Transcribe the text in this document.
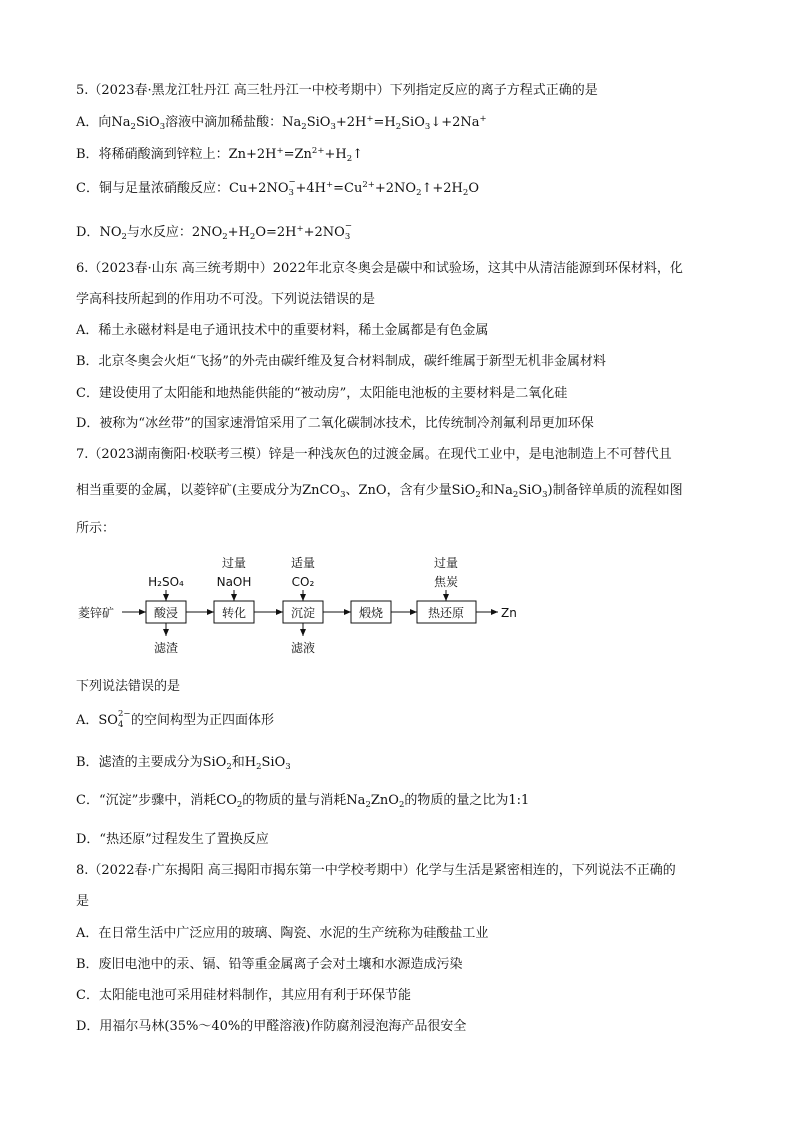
5.（2023春·黑龙江牡丹江 高三牡丹江一中校考期中）下列指定反应的离子方程式正确的是
A．向$Na_2SiO_3$溶液中滴加稀盐酸：$Na_2SiO_3+2H^+=H_2SiO_3↓+2Na^+$
B．将稀硝酸滴到锌粒上：$Zn+2H^+=Zn^{2+}+H_2↑$
C．铜与足量浓硝酸反应：Cu+2NO −
$3 +4H^+=Cu^{2+}+2NO_2↑+2H_2O$
D．$NO_2$与水反应：$2NO_2+H_2O=2H^++2NO$ −
3
6.（2023春·山东 高三统考期中）2022年北京冬奥会是碳中和试验场，这其中从清洁能源到环保材料，化
学高科技所起到的作用功不可没。下列说法错误的是
A．稀土永磁材料是电子通讯技术中的重要材料，稀土金属都是有色金属
B．北京冬奥会火炬“飞扬”的外壳由碳纤维及复合材料制成，碳纤维属于新型无机非金属材料
C．建设使用了太阳能和地热能供能的“被动房”，太阳能电池板的主要材料是二氧化硅
D．被称为“冰丝带”的国家速滑馆采用了二氧化碳制冰技术，比传统制冷剂氟利昂更加环保
7.（2023湖南衡阳·校联考三模）锌是一种浅灰色的过渡金属。在现代工业中，是电池制造上不可替代且
相当重要的金属，以菱锌矿(主要成分为ZnCO$_3$、ZnO，含有少量SiO$_2$和$Na_2SiO_3$)制备锌单质的流程如图
所示：
菱锌矿	酸浸	转化	沉淀	煅烧	热还原	Zn
H₂SO₄
过量
NaOH
适量
CO₂
过量
焦炭
滤渣	滤液
下列说法错误的是
A．SO 2−
4 的空间构型为正四面体形
B．滤渣的主要成分为SiO$_2$和$H_2SiO_3$
C．“沉淀”步骤中，消耗$CO_2$的物质的量与消耗$Na_2ZnO_2$的物质的量之比为1:1
D．“热还原”过程发生了置换反应
8.（2022春·广东揭阳 高三揭阳市揭东第一中学校考期中）化学与生活是紧密相连的，下列说法不正确的
是
A．在日常生活中广泛应用的玻璃、陶瓷、水泥的生产统称为硅酸盐工业
B．废旧电池中的汞、镉、铅等重金属离子会对土壤和水源造成污染
C．太阳能电池可采用硅材料制作，其应用有利于环保节能
D．用福尔马林(35%～40%的甲醛溶液)作防腐剂浸泡海产品很安全
